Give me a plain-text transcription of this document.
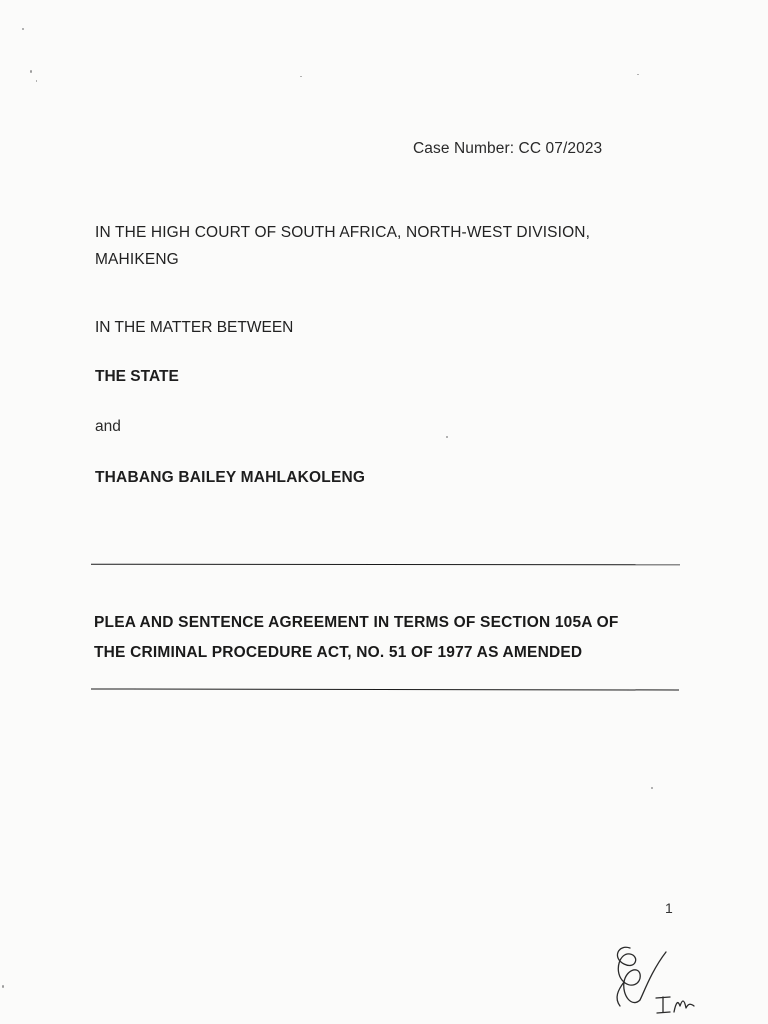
Case Number: CC 07/2023

IN THE HIGH COURT OF SOUTH AFRICA, NORTH-WEST DIVISION,
MAHIKENG

IN THE MATTER BETWEEN

THE STATE

and

THABANG BAILEY MAHLAKOLENG

PLEA AND SENTENCE AGREEMENT IN TERMS OF SECTION 105A OF
THE CRIMINAL PROCEDURE ACT, NO. 51 OF 1977 AS AMENDED

1
